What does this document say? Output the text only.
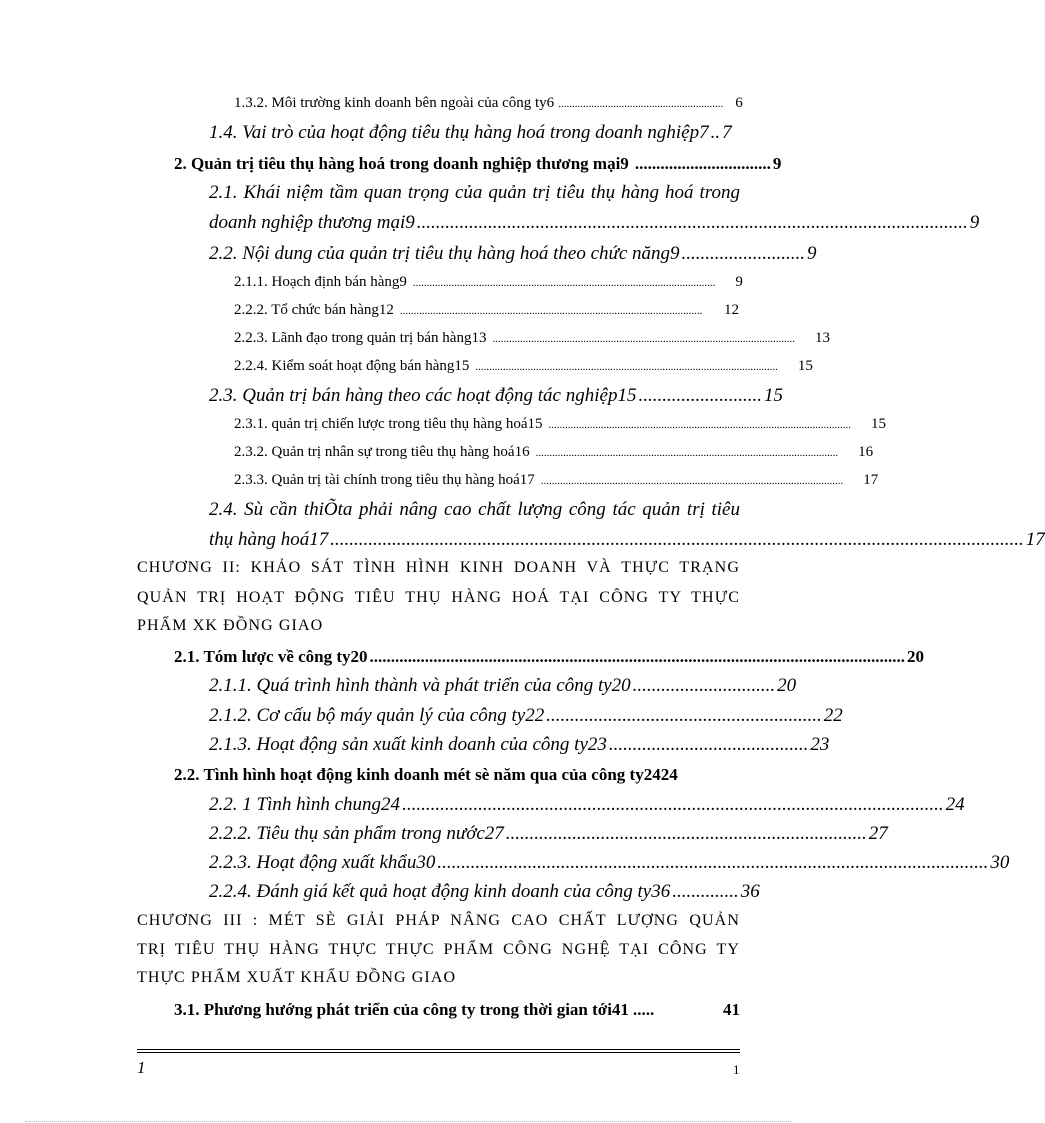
1.3.2. Môi trường kinh doanh bên ngoài của công ty6 ............................................................ 6
1.4. Vai trò của hoạt động tiêu thụ hàng hoá trong doanh nghiệp7 .. 7
2. Quản trị tiêu thụ hàng hoá trong doanh nghiệp thương mại9 ................................ 9
2.1. Khái niệm tầm quan trọng của quản trị tiêu thụ hàng hoá trong
doanh nghiệp thương mại9 .................................................................................................................... 9
2.2. Nội dung của quản trị tiêu thụ hàng hoá theo chức năng9 .......................... 9
2.1.1. Hoạch định bán hàng9 .............................................................................................................. 9
2.2.2. Tổ chức bán hàng12 .............................................................................................................. 12
2.2.3. Lãnh đạo trong quản trị bán hàng13 .............................................................................................................. 13
2.2.4. Kiểm soát hoạt động bán hàng15 .............................................................................................................. 15
2.3. Quản trị bán hàng theo các hoạt động tác nghiệp15 .......................... 15
2.3.1. quản trị chiến lược trong tiêu thụ hàng hoá15 .............................................................................................................. 15
2.3.2. Quản trị nhân sự trong tiêu thụ hàng hoá16 .............................................................................................................. 16
2.3.3. Quản trị tài chính trong tiêu thụ hàng hoá17 .............................................................................................................. 17
2.4. Sù cần thiÕta phải nâng cao chất lượng công tác quản trị tiêu
thụ hàng hoá17 .................................................................................................................................................. 17
CHƯƠNG II: KHẢO SÁT TÌNH HÌNH KINH DOANH VÀ THỰC TRẠNG
QUẢN TRỊ HOẠT ĐỘNG TIÊU THỤ HÀNG HOÁ TẠI CÔNG TY THỰC
PHẨM XK ĐỒNG GIAO
2.1. Tóm lược về công ty20 .............................................................................................................................. 20
2.1.1. Quá trình hình thành và phát triển của công ty20 .............................. 20
2.1.2. Cơ cấu bộ máy quản lý của công ty22 .......................................................... 22
2.1.3. Hoạt động sản xuất kinh doanh của công ty23 .......................................... 23
2.2. Tình hình hoạt động kinh doanh mét sè năm qua của công ty2424
2.2. 1 Tình hình chung24 .................................................................................................................. 24
2.2.2. Tiêu thụ sản phẩm trong nước27 ............................................................................ 27
2.2.3. Hoạt động xuất khẩu30 .................................................................................................................... 30
2.2.4. Đánh giá kết quả hoạt động kinh doanh của công ty36 .............. 36
CHƯƠNG III : MÉT SÈ GIẢI PHÁP NÂNG CAO CHẤT LƯỢNG QUẢN
TRỊ TIÊU THỤ HÀNG THỰC THỰC PHẨM CÔNG NGHỆ TẠI CÔNG TY
THỰC PHẨM XUẤT KHẨU ĐỒNG GIAO
3.1. Phương hướng phát triển của công ty trong thời gian tới41 .....	41
1	1
